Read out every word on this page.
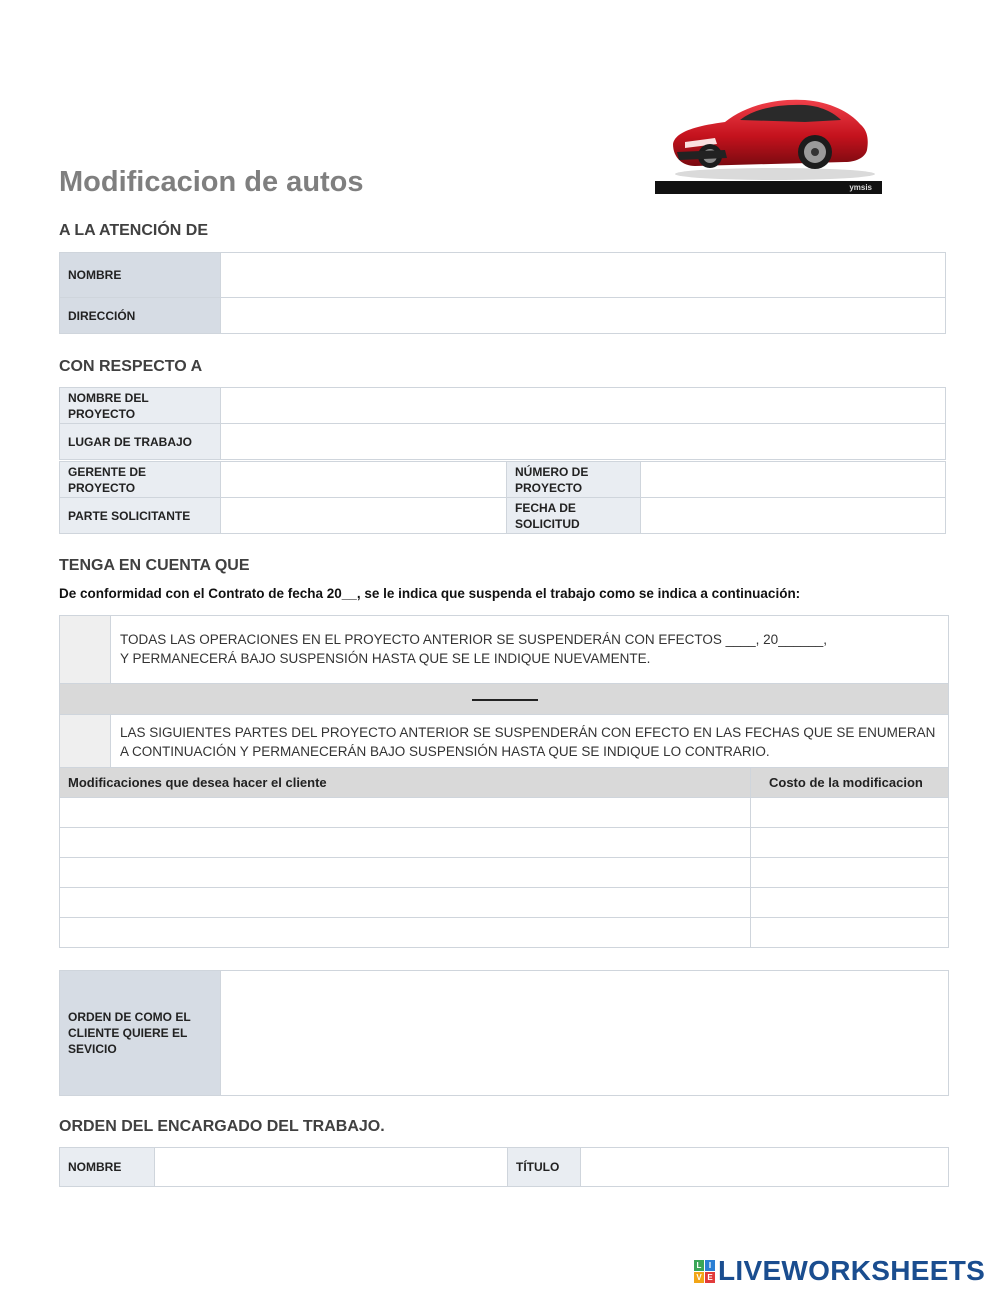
Modificacion de autos	ymsis
A LA ATENCIÓN DE
NOMBRE	
DIRECCIÓN	
CON RESPECTO A
NOMBRE DEL PROYECTO	
LUGAR DE TRABAJO	
GERENTE DE PROYECTO		NÚMERO DE PROYECTO	
PARTE SOLICITANTE		FECHA DE SOLICITUD	
TENGA EN CUENTA QUE
De conformidad con el Contrato de fecha 20__, se le indica que suspenda el trabajo como se indica a continuación:
TODAS LAS OPERACIONES EN EL PROYECTO ANTERIOR SE SUSPENDERÁN CON EFECTOS ____, 20______,
Y PERMANECERÁ BAJO SUSPENSIÓN HASTA QUE SE LE INDIQUE NUEVAMENTE.
LAS SIGUIENTES PARTES DEL PROYECTO ANTERIOR SE SUSPENDERÁN CON EFECTO EN LAS FECHAS QUE SE ENUMERAN
A CONTINUACIÓN Y PERMANECERÁN BAJO SUSPENSIÓN HASTA QUE SE INDIQUE LO CONTRARIO.
Modificaciones que desea hacer el cliente	Costo de la modificacion

ORDEN DE COMO EL CLIENTE QUIERE EL SEVICIO	
ORDEN DEL ENCARGADO DEL TRABAJO.
NOMBRE		TÍTULO	
L I
V E LIVEWORKSHEETS
